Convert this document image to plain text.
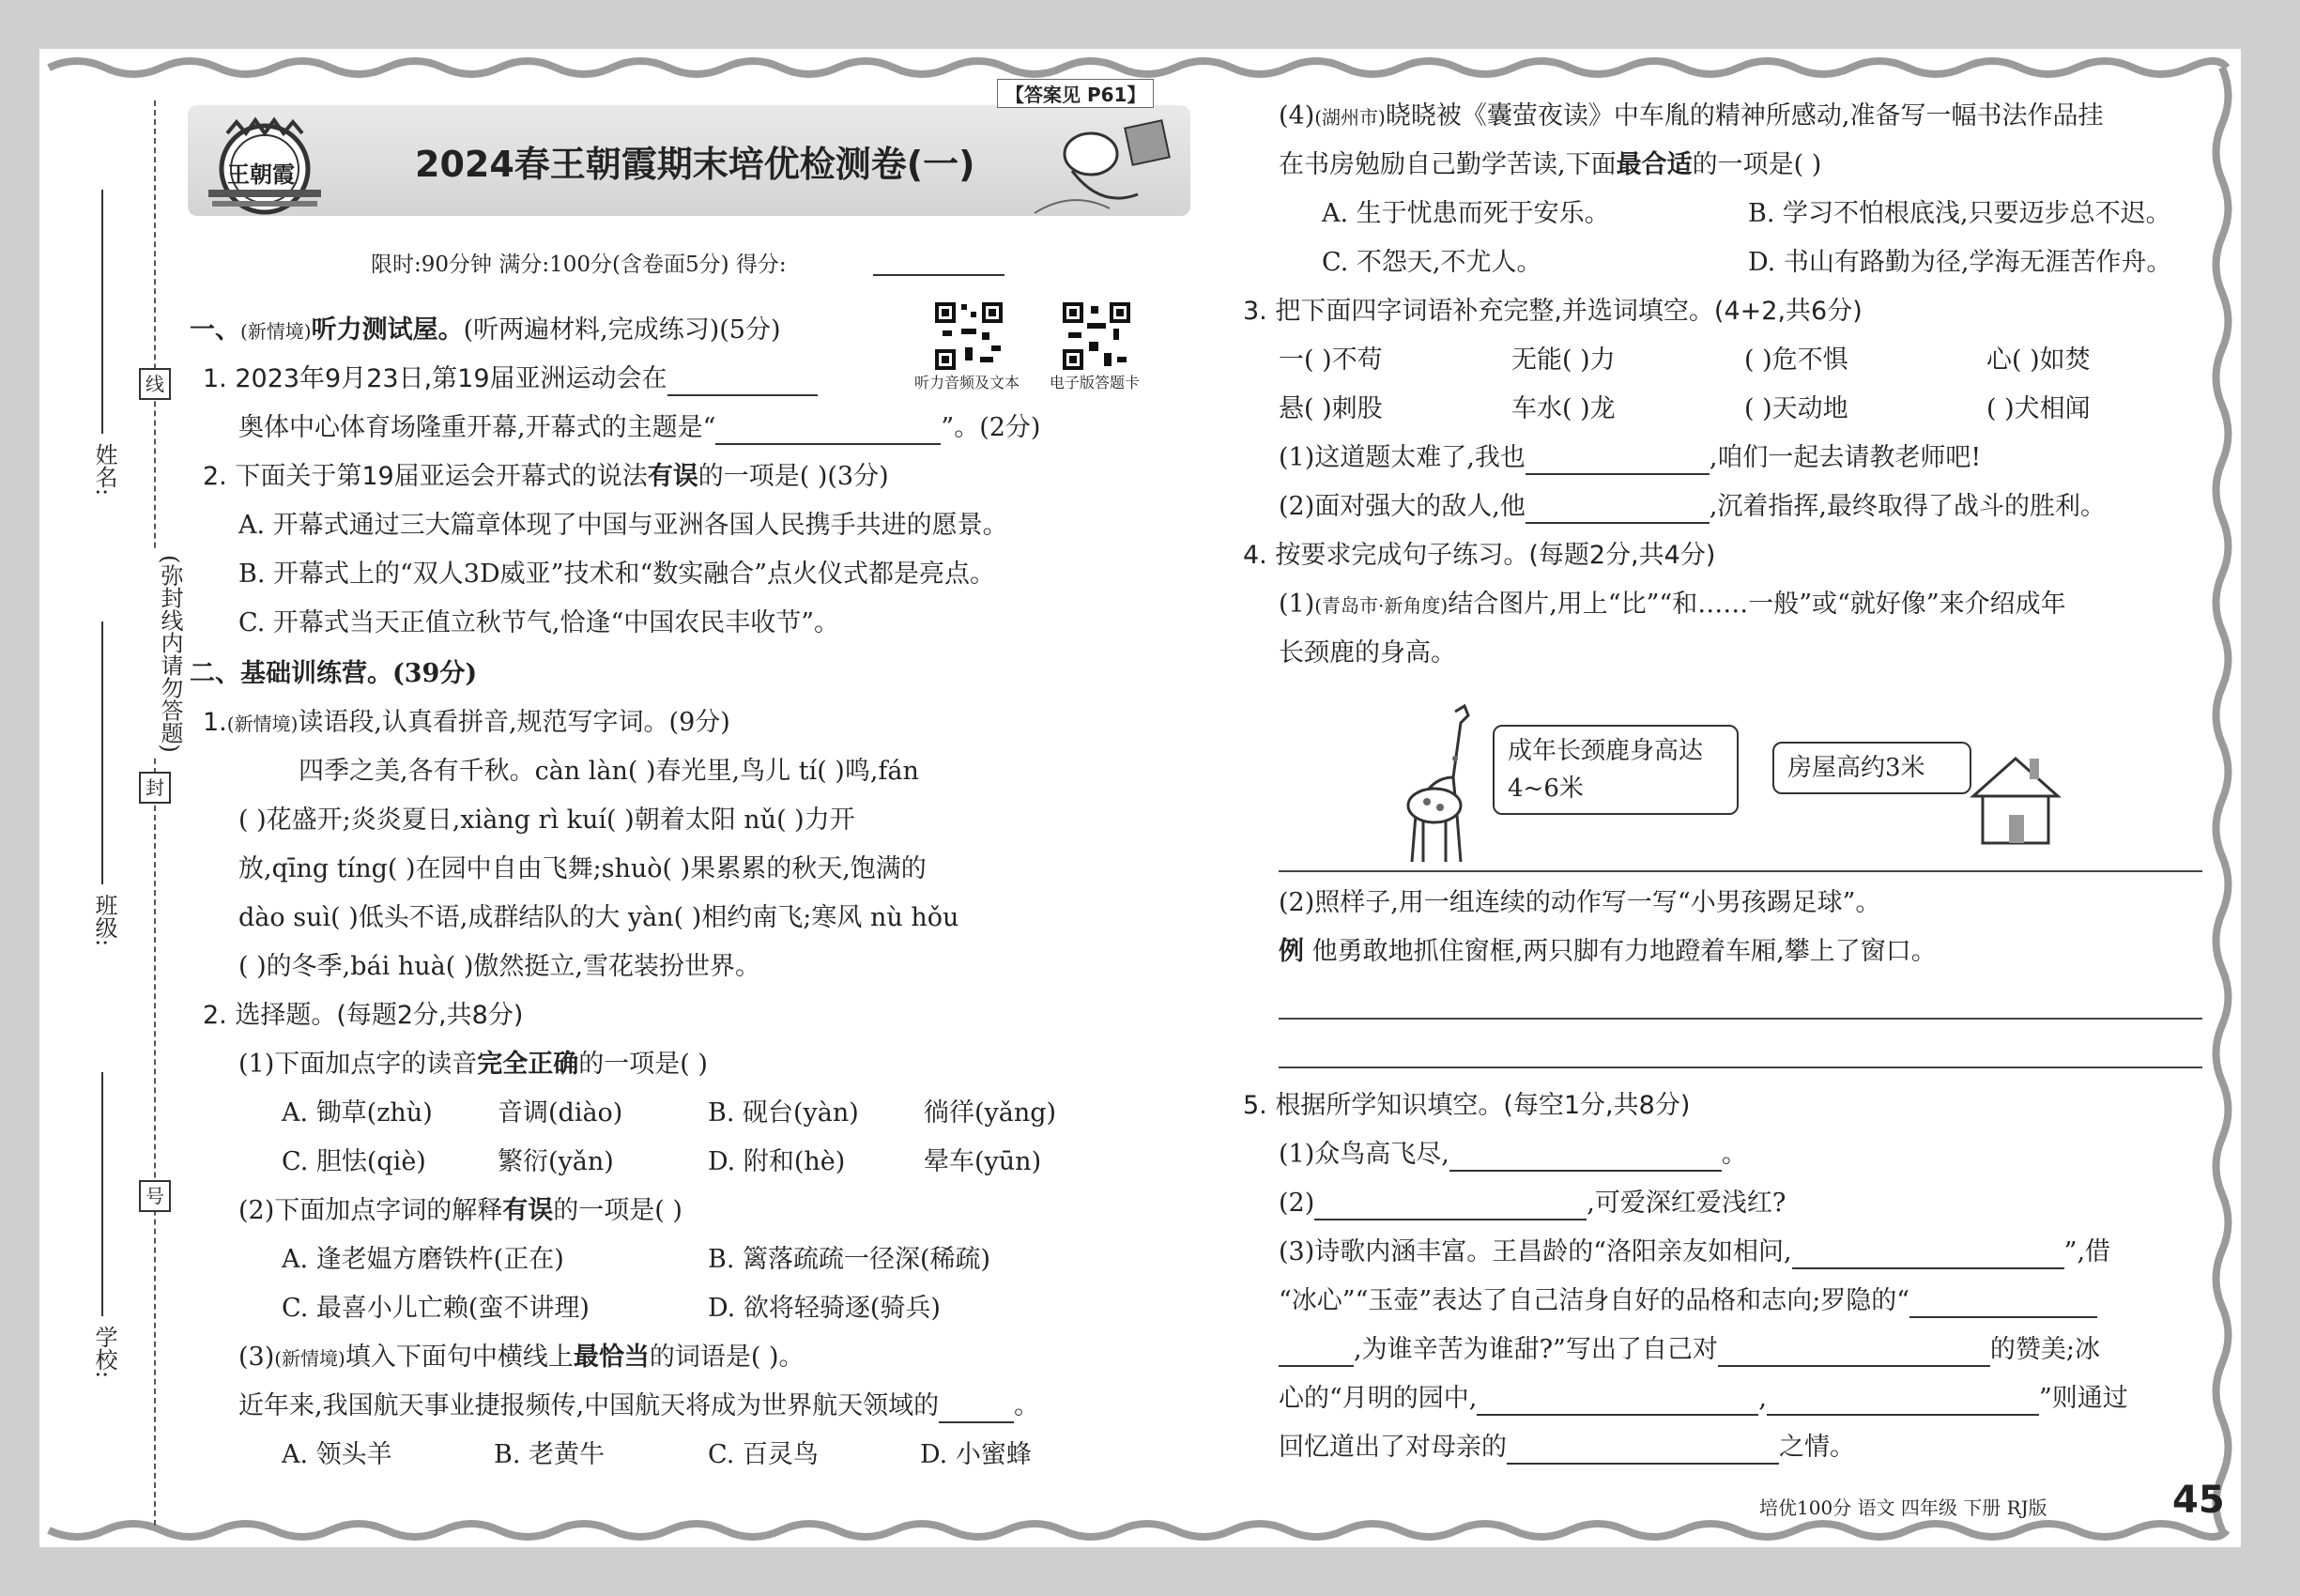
姓名:
班级:
学校:
线
封
号
(弥封线内请勿答题)
【答案见 P61】
王朝霞	2024春王朝霞期末培优检测卷(一)
限时:90分钟 满分:100分(含卷面5分) 得分:
听力音频及文本 电子版答题卡
一、(新情境)听力测试屋。(听两遍材料,完成练习)(5分)
1. 2023年9月23日,第19届亚洲运动会在
奥体中心体育场隆重开幕,开幕式的主题是“	”。(2分)
2. 下面关于第19届亚运会开幕式的说法有误的一项是( )(3分)
A. 开幕式通过三大篇章体现了中国与亚洲各国人民携手共进的愿景。
B. 开幕式上的“双人3D威亚”技术和“数实融合”点火仪式都是亮点。
C. 开幕式当天正值立秋节气,恰逢“中国农民丰收节”。
二、基础训练营。(39分)
1.(新情境)读语段,认真看拼音,规范写字词。(9分)
四季之美,各有千秋。càn làn( )春光里,鸟儿 tí( )鸣,fán
( )花盛开;炎炎夏日,xiàng rì kuí( )朝着太阳 nǔ( )力开
放,qīng tíng( )在园中自由飞舞;shuò( )果累累的秋天,饱满的
dào suì( )低头不语,成群结队的大 yàn( )相约南飞;寒风 nù hǒu
( )的冬季,bái huà( )傲然挺立,雪花装扮世界。
2. 选择题。(每题2分,共8分)
(1)下面加点字的读音完全正确的一项是( )
A. 锄草(zhù)	音调(diào)	B. 砚台(yàn)	徜徉(yǎng)
C. 胆怯(qiè)	繁衍(yǎn)	D. 附和(hè)	晕车(yūn)
(2)下面加点字词的解释有误的一项是( )
A. 逢老媪方磨铁杵(正在)	B. 篱落疏疏一径深(稀疏)
C. 最喜小儿亡赖(蛮不讲理)	D. 欲将轻骑逐(骑兵)
(3)(新情境)填入下面句中横线上最恰当的词语是( )。
近年来,我国航天事业捷报频传,中国航天将成为世界航天领域的	。
A. 领头羊	B. 老黄牛	C. 百灵鸟	D. 小蜜蜂
(4)(湖州市)晓晓被《囊萤夜读》中车胤的精神所感动,准备写一幅书法作品挂
在书房勉励自己勤学苦读,下面最合适的一项是( )
A. 生于忧患而死于安乐。	B. 学习不怕根底浅,只要迈步总不迟。
C. 不怨天,不尤人。	D. 书山有路勤为径,学海无涯苦作舟。
3. 把下面四字词语补充完整,并选词填空。(4+2,共6分)
一( )不苟	无能( )力	( )危不惧	心( )如焚
悬( )刺股	车水( )龙	( )天动地	( )犬相闻
(1)这道题太难了,我也	,咱们一起去请教老师吧!
(2)面对强大的敌人,他	,沉着指挥,最终取得了战斗的胜利。
4. 按要求完成句子练习。(每题2分,共4分)
(1)(青岛市·新角度)结合图片,用上“比”“和……一般”或“就好像”来介绍成年
长颈鹿的身高。
成年长颈鹿身高达
4~6米
房屋高约3米
(2)照样子,用一组连续的动作写一写“小男孩踢足球”。
例 他勇敢地抓住窗框,两只脚有力地蹬着车厢,攀上了窗口。
5. 根据所学知识填空。(每空1分,共8分)
(1)众鸟高飞尽,	。
(2)	,可爱深红爱浅红?
(3)诗歌内涵丰富。王昌龄的“洛阳亲友如相问,	”,借
“冰心”“玉壶”表达了自己洁身自好的品格和志向;罗隐的“
,为谁辛苦为谁甜?”写出了自己对	的赞美;冰
心的“月明的园中,	,	”则通过
回忆道出了对母亲的	之情。
培优100分 语文 四年级 下册 RJ版	45
